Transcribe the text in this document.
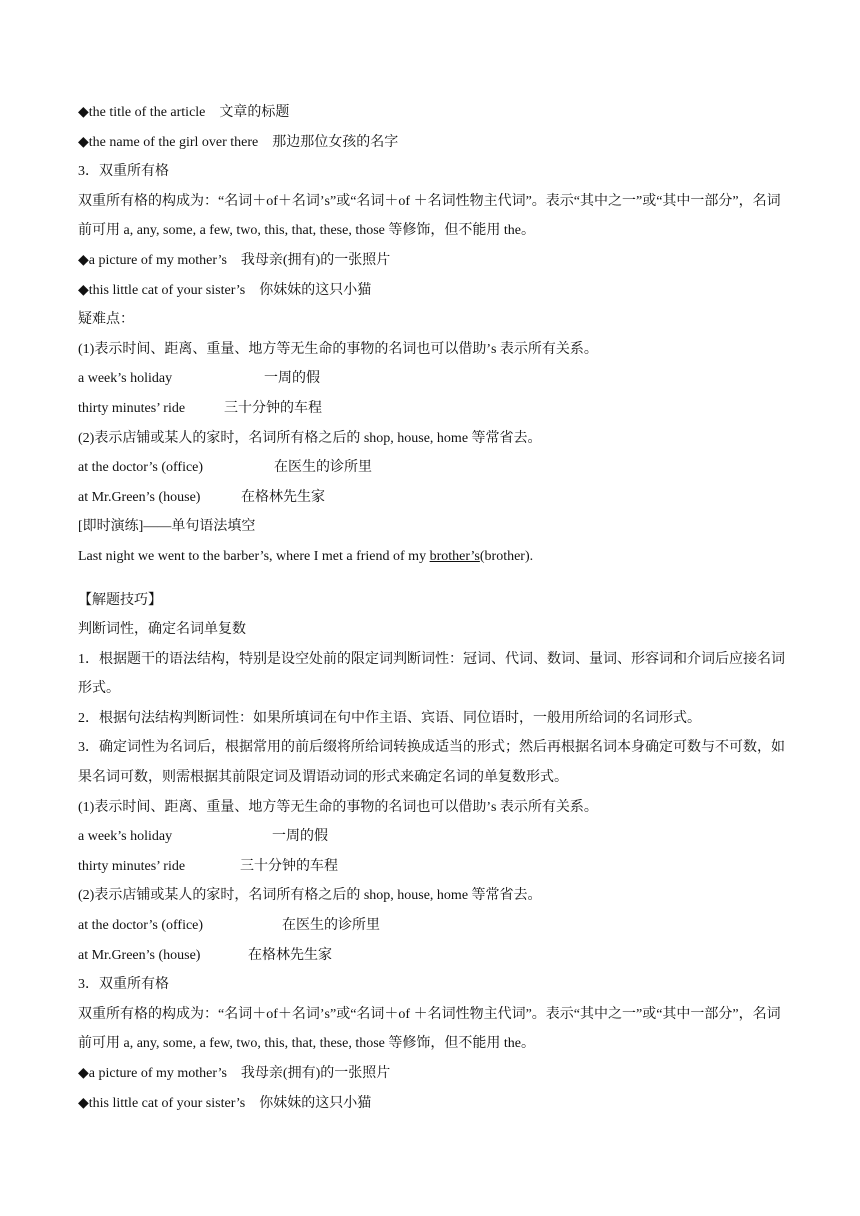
◆the title of the article　文章的标题
◆the name of the girl over there　那边那位女孩的名字
3．双重所有格
双重所有格的构成为：“名词＋of＋名词’s”或“名词＋of ＋名词性物主代词”。表示“其中之一”或“其中一部分”，名词前可用 a, any, some, a few, two, this, that, these, those 等修饰，但不能用 the。
◆a picture of my mother’s　我母亲(拥有)的一张照片
◆this little cat of your sister’s　你妹妹的这只小猫
疑难点：
(1)表示时间、距离、重量、地方等无生命的事物的名词也可以借助’s 表示所有关系。
a week’s holiday	一周的假
thirty minutes’ ride	三十分钟的车程
(2)表示店铺或某人的家时，名词所有格之后的 shop, house, home 等常省去。
at the doctor’s (office)	在医生的诊所里
at Mr.Green’s (house)	在格林先生家
[即时演练]——单句语法填空
Last night we went to the barber’s, where I met a friend of my brother’s(brother).
【解题技巧】
判断词性，确定名词单复数
1．根据题干的语法结构，特别是设空处前的限定词判断词性：冠词、代词、数词、量词、形容词和介词后应接名词形式。
2．根据句法结构判断词性：如果所填词在句中作主语、宾语、同位语时，一般用所给词的名词形式。
3．确定词性为名词后，根据常用的前后缀将所给词转换成适当的形式；然后再根据名词本身确定可数与不可数，如果名词可数，则需根据其前限定词及谓语动词的形式来确定名词的单复数形式。
(1)表示时间、距离、重量、地方等无生命的事物的名词也可以借助’s 表示所有关系。
a week’s holiday	一周的假
thirty minutes’ ride	三十分钟的车程
(2)表示店铺或某人的家时，名词所有格之后的 shop, house, home 等常省去。
at the doctor’s (office)	在医生的诊所里
at Mr.Green’s (house)	在格林先生家
3．双重所有格
双重所有格的构成为：“名词＋of＋名词’s”或“名词＋of ＋名词性物主代词”。表示“其中之一”或“其中一部分”，名词前可用 a, any, some, a few, two, this, that, these, those 等修饰，但不能用 the。
◆a picture of my mother’s　我母亲(拥有)的一张照片
◆this little cat of your sister’s　你妹妹的这只小猫
